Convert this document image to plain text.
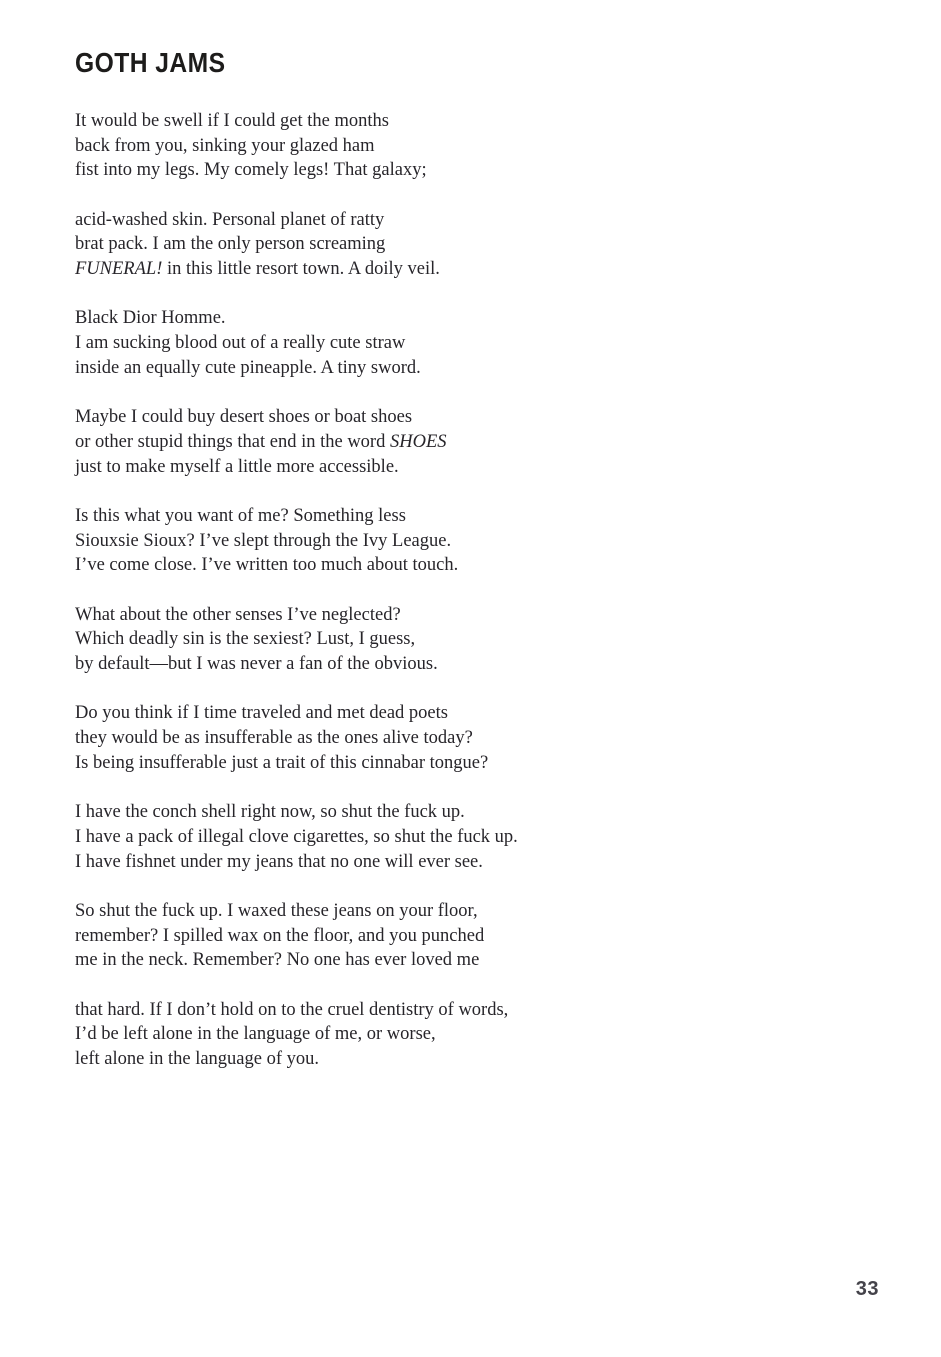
GOTH JAMS

It would be swell if I could get the months
back from you, sinking your glazed ham
fist into my legs. My comely legs! That galaxy;

acid-washed skin. Personal planet of ratty
brat pack. I am the only person screaming
FUNERAL! in this little resort town. A doily veil.

Black Dior Homme.
I am sucking blood out of a really cute straw
inside an equally cute pineapple. A tiny sword.

Maybe I could buy desert shoes or boat shoes
or other stupid things that end in the word SHOES
just to make myself a little more accessible.

Is this what you want of me? Something less
Siouxsie Sioux? I’ve slept through the Ivy League.
I’ve come close. I’ve written too much about touch.

What about the other senses I’ve neglected?
Which deadly sin is the sexiest? Lust, I guess,
by default—but I was never a fan of the obvious.

Do you think if I time traveled and met dead poets
they would be as insufferable as the ones alive today?
Is being insufferable just a trait of this cinnabar tongue?

I have the conch shell right now, so shut the fuck up.
I have a pack of illegal clove cigarettes, so shut the fuck up.
I have fishnet under my jeans that no one will ever see.

So shut the fuck up. I waxed these jeans on your floor,
remember? I spilled wax on the floor, and you punched
me in the neck. Remember? No one has ever loved me

that hard. If I don’t hold on to the cruel dentistry of words,
I’d be left alone in the language of me, or worse,
left alone in the language of you.

33
